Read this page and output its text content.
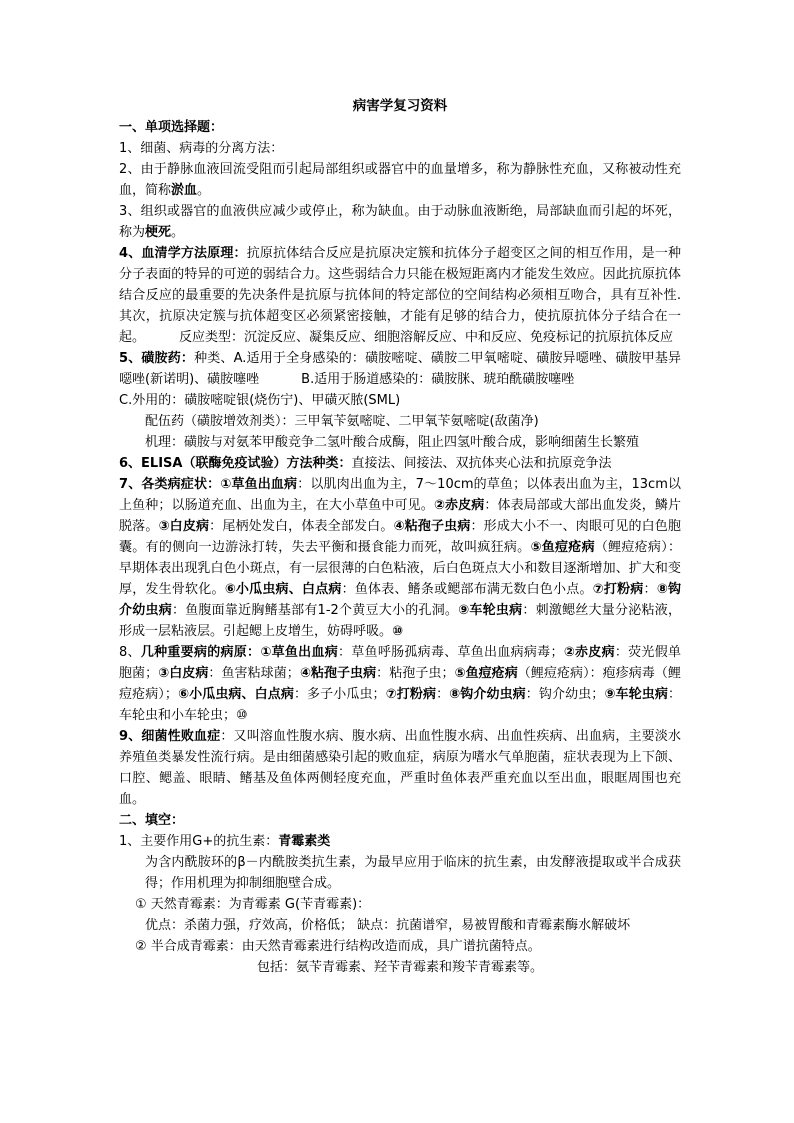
病害学复习资料

一、单项选择题：

1、细菌、病毒的分离方法：

2、由于静脉血液回流受阻而引起局部组织或器官中的血量增多，称为静脉性充血，又称被动性充血，简称淤血。

3、组织或器官的血液供应减少或停止，称为缺血。由于动脉血液断绝，局部缺血而引起的坏死，称为梗死。

4、血清学方法原理：抗原抗体结合反应是抗原决定簇和抗体分子超变区之间的相互作用，是一种分子表面的特异的可逆的弱结合力。这些弱结合力只能在极短距离内才能发生效应。因此抗原抗体结合反应的最重要的先决条件是抗原与抗体间的特定部位的空间结构必须相互吻合，具有互补性.其次，抗原决定簇与抗体超变区必须紧密接触，才能有足够的结合力，使抗原抗体分子结合在一起。	反应类型：沉淀反应、凝集反应、细胞溶解反应、中和反应、免疫标记的抗原抗体反应

5、磺胺药：种类、A.适用于全身感染的：磺胺嘧啶、磺胺二甲氧嘧啶、磺胺异噁唑、磺胺甲基异噁唑(新诺明)、磺胺噻唑	B.适用于肠道感染的：磺胺脒、琥珀酰磺胺噻唑

C.外用的：磺胺嘧啶银(烧伤宁)、甲磺灭脓(SML)

配伍药（磺胺增效剂类）：三甲氧苄氨嘧啶、二甲氧苄氨嘧啶(敌菌净)

机理：磺胺与对氨苯甲酸竞争二氢叶酸合成酶，阻止四氢叶酸合成，影响细菌生长繁殖

6、ELISA（联酶免疫试验）方法种类：直接法、间接法、双抗体夹心法和抗原竞争法

7、各类病症状：①草鱼出血病：以肌肉出血为主，7～10cm的草鱼；以体表出血为主，13cm以上鱼种；以肠道充血、出血为主，在大小草鱼中可见。②赤皮病：体表局部或大部出血发炎，鳞片脱落。③白皮病：尾柄处发白，体表全部发白。④粘孢子虫病：形成大小不一、肉眼可见的白色胞囊。有的侧向一边游泳打转，失去平衡和摄食能力而死，故叫疯狂病。⑤鱼痘疮病（鲤痘疮病）：早期体表出现乳白色小斑点，有一层很薄的白色粘液，后白色斑点大小和数目逐渐增加、扩大和变厚，发生骨软化。⑥小瓜虫病、白点病：鱼体表、鳍条或鳃部布满无数白色小点。⑦打粉病：⑧钩介幼虫病：鱼腹面靠近胸鳍基部有1-2个黄豆大小的孔洞。⑨车轮虫病：刺激鳃丝大量分泌粘液，形成一层粘液层。引起鳃上皮增生，妨碍呼吸。⑩

8、几种重要病的病原：①草鱼出血病：草鱼呼肠孤病毒、草鱼出血病病毒；②赤皮病：荧光假单胞菌；③白皮病：鱼害粘球菌；④粘孢子虫病：粘孢子虫；⑤鱼痘疮病（鲤痘疮病）：疱疹病毒（鲤痘疮病）；⑥小瓜虫病、白点病：多子小瓜虫；⑦打粉病：⑧钩介幼虫病：钩介幼虫；⑨车轮虫病：车轮虫和小车轮虫；⑩

9、细菌性败血症：又叫溶血性腹水病、腹水病、出血性腹水病、出血性疾病、出血病，主要淡水养殖鱼类暴发性流行病。是由细菌感染引起的败血症，病原为嗜水气单胞菌，症状表现为上下颌、口腔、鳃盖、眼睛、鳍基及鱼体两侧轻度充血，严重时鱼体表严重充血以至出血，眼眶周围也充血。

二、填空：

1、主要作用G+的抗生素：青霉素类

为含内酰胺环的β－内酰胺类抗生素，为最早应用于临床的抗生素，由发酵液提取或半合成获得；作用机理为抑制细胞壁合成。

① 天然青霉素：为青霉素 G(苄青霉素)：

优点：杀菌力强，疗效高，价格低； 缺点：抗菌谱窄，易被胃酸和青霉素酶水解破坏

② 半合成青霉素：由天然青霉素进行结构改造而成，具广谱抗菌特点。

包括：氨苄青霉素、羟苄青霉素和羧苄青霉素等。
